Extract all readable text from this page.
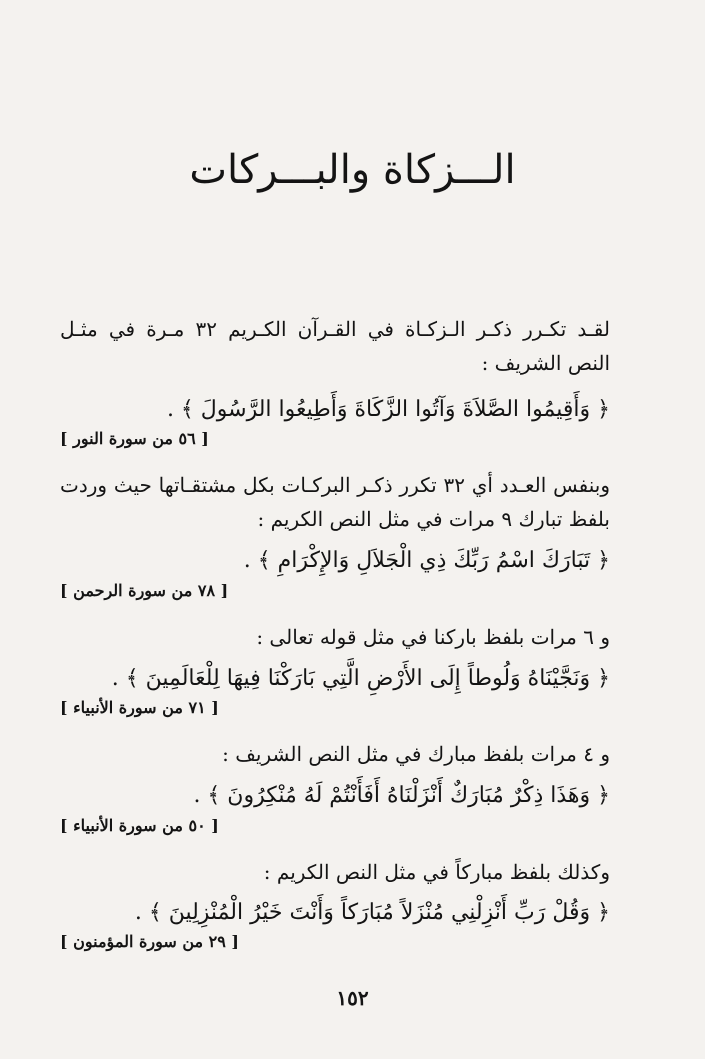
الـــزكاة والبـــركات
لقـد تكـرر ذكـر الـزكـاة في القـرآن الكـريم ٣٢ مـرة في مثـل النص الشريف :
﴿ وَأَقِيمُوا الصَّلاَةَ وَآتُوا الزَّكَاةَ وَأَطِيعُوا الرَّسُولَ ﴾ .
[ ٥٦ من سورة النور ]
وبنفس العـدد أي ٣٢ تكرر ذكـر البركـات بكل مشتقـاتها حيث وردت بلفظ تبارك ٩ مرات في مثل النص الكريم :
﴿ تَبَارَكَ اسْمُ رَبِّكَ ذِي الْجَلاَلِ وَالإِكْرَامِ ﴾ .
[ ٧٨ من سورة الرحمن ]
و ٦ مرات بلفظ باركنا في مثل قوله تعالى :
﴿ وَنَجَّيْنَاهُ وَلُوطاً إِلَى الأَرْضِ الَّتِي بَارَكْنَا فِيهَا لِلْعَالَمِينَ ﴾ .
[ ٧١ من سورة الأنبياء ]
و ٤ مرات بلفظ مبارك في مثل النص الشريف :
﴿ وَهَذَا ذِكْرٌ مُبَارَكٌ أَنْزَلْنَاهُ أَفَأَنْتُمْ لَهُ مُنْكِرُونَ ﴾ .
[ ٥٠ من سورة الأنبياء ]
وكذلك بلفظ مباركاً في مثل النص الكريم :
﴿ وَقُلْ رَبِّ أَنْزِلْنِي مُنْزَلاً مُبَارَكاً وَأَنْتَ خَيْرُ الْمُنْزِلِينَ ﴾ .
[ ٢٩ من سورة المؤمنون ]
١٥٢
